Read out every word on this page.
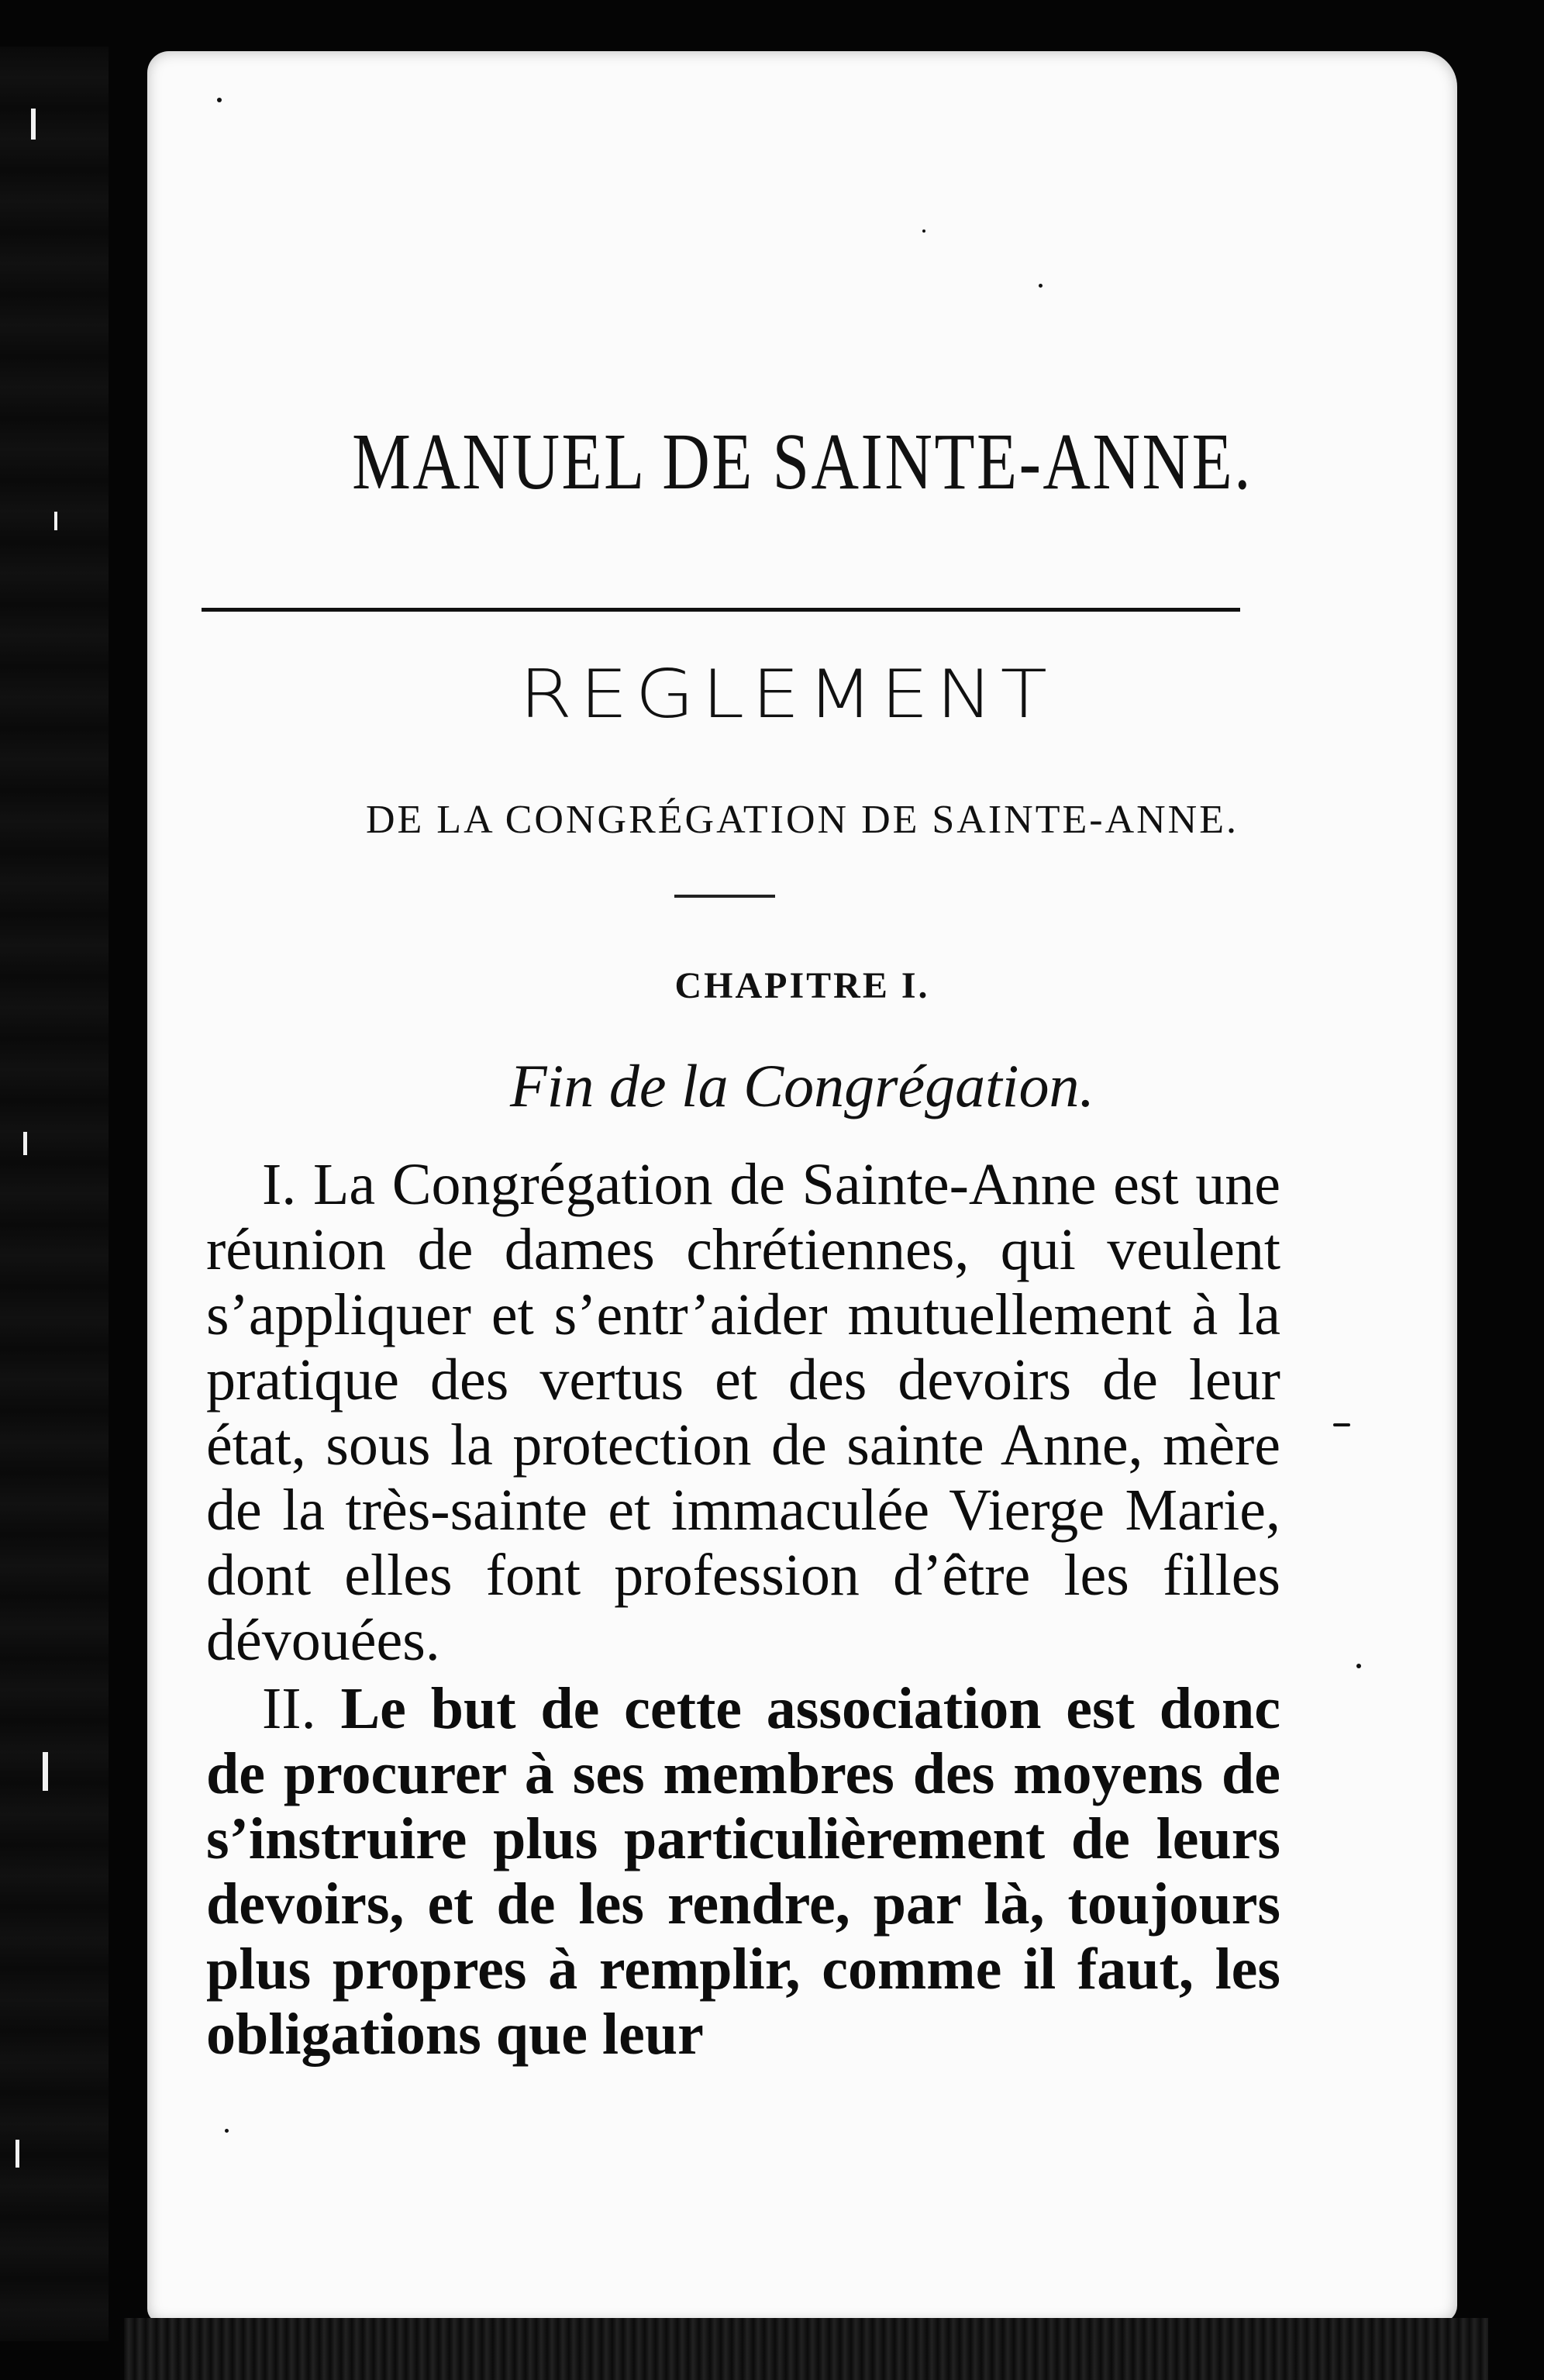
MANUEL DE SAINTE-ANNE.
REGLEMENT
DE LA CONGRÉGATION DE SAINTE-ANNE.
CHAPITRE I.
Fin de la Congrégation.

I. La Congrégation de Sainte-Anne est une réunion de dames chrétiennes, qui veulent s’appliquer et s’entr’aider mutuellement à la pratique des vertus et des devoirs de leur état, sous la protection de sainte Anne, mère de la très-sainte et immaculée Vierge Marie, dont elles font profession d’être les filles dévouées.

II. Le but de cette association est donc de procurer à ses membres des moyens de s’instruire plus particulièrement de leurs devoirs, et de les rendre, par là, toujours plus propres à remplir, comme il faut, les obligations que leur
